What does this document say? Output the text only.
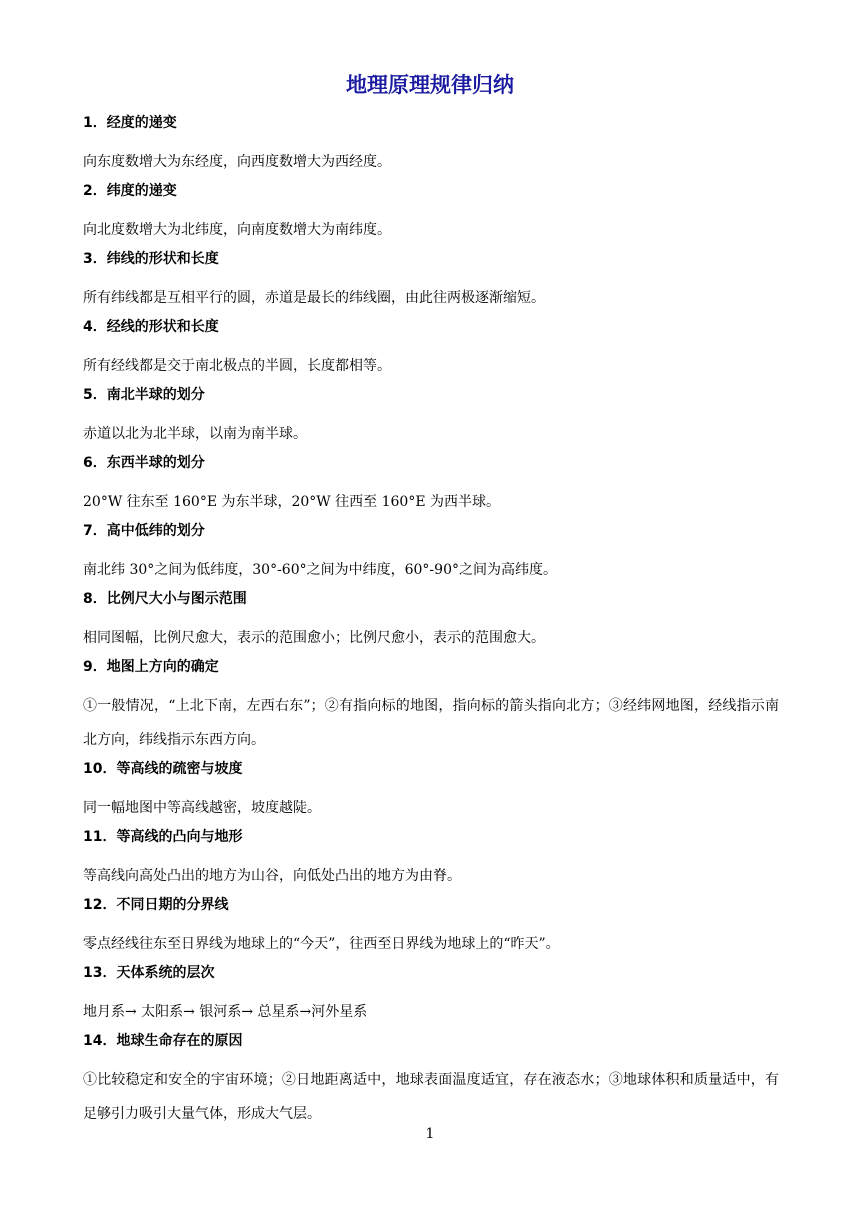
地理原理规律归纳
1．经度的递变
向东度数增大为东经度，向西度数增大为西经度。
2．纬度的递变
向北度数增大为北纬度，向南度数增大为南纬度。
3．纬线的形状和长度
所有纬线都是互相平行的圆，赤道是最长的纬线圈，由此往两极逐渐缩短。
4．经线的形状和长度
所有经线都是交于南北极点的半圆，长度都相等。
5．南北半球的划分
赤道以北为北半球，以南为南半球。
6．东西半球的划分
20°W 往东至 160°E 为东半球，20°W 往西至 160°E 为西半球。
7．高中低纬的划分
南北纬 30°之间为低纬度，30°-60°之间为中纬度，60°-90°之间为高纬度。
8．比例尺大小与图示范围
相同图幅，比例尺愈大，表示的范围愈小；比例尺愈小，表示的范围愈大。
9．地图上方向的确定
①一般情况，“上北下南，左西右东”；②有指向标的地图，指向标的箭头指向北方；③经纬网地图，经线指示南北方向，纬线指示东西方向。
10．等高线的疏密与坡度
同一幅地图中等高线越密，坡度越陡。
11．等高线的凸向与地形
等高线向高处凸出的地方为山谷，向低处凸出的地方为由脊。
12．不同日期的分界线
零点经线往东至日界线为地球上的“今天”，往西至日界线为地球上的“昨天”。
13．天体系统的层次
地月系→ 太阳系→ 银河系→ 总星系→河外星系
14．地球生命存在的原因
①比较稳定和安全的宇宙环境；②日地距离适中，地球表面温度适宜，存在液态水；③地球体积和质量适中，有足够引力吸引大量气体，形成大气层。
1
